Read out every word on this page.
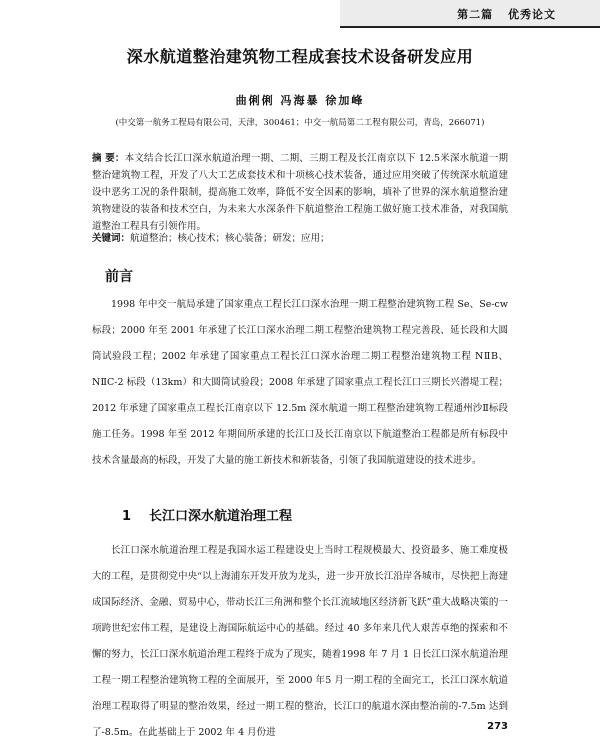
第二篇 优秀论文
深水航道整治建筑物工程成套技术设备研发应用
曲俐俐 冯海暴 徐加峰
(中交第一航务工程局有限公司，天津，300461；中交一航局第二工程有限公司，青岛，266071)
摘 要：本文结合长江口深水航道治理一期、二期、三期工程及长江南京以下 12.5米深水航道一期整治建筑物工程，开发了八大工艺成套技术和十项核心技术装备，通过应用突破了传统深水航道建设中恶劣工况的条件限制，提高施工效率，降低不安全因素的影响，填补了世界的深水航道整治建筑物建设的装备和技术空白，为未来大水深条件下航道整治工程施工做好施工技术准备，对我国航道整治工程具有引领作用。
关键词：航道整治；核心技术；核心装备；研发；应用；
前言
1998 年中交一航局承建了国家重点工程长江口深水治理一期工程整治建筑物工程 Se、Se-cw 标段；2000 年至 2001 年承建了长江口深水治理二期工程整治建筑物工程完善段、延长段和大圆筒试验段工程；2002 年承建了国家重点工程长江口深水治理二期工程整治建筑物工程 NⅡB、NⅡC-2 标段（13km）和大圆筒试验段；2008 年承建了国家重点工程长江口三期长兴潜堤工程；2012 年承建了国家重点工程长江南京以下 12.5m 深水航道一期工程整治建筑物工程通州沙Ⅱ标段施工任务。1998 年至 2012 年期间所承建的长江口及长江南京以下航道整治工程都是所有标段中技术含量最高的标段，开发了大量的施工新技术和新装备，引领了我国航道建设的技术进步。
1 长江口深水航道治理工程
长江口深水航道治理工程是我国水运工程建设史上当时工程规模最大、投资最多、施工难度极大的工程，是贯彻党中央“以上海浦东开发开放为龙头，进一步开放长江沿岸各城市，尽快把上海建成国际经济、金融、贸易中心，带动长江三角洲和整个长江流域地区经济新飞跃”重大战略决策的一项跨世纪宏伟工程，是建设上海国际航运中心的基础。经过 40 多年来几代人艰苦卓绝的探索和不懈的努力，长江口深水航道治理工程终于成为了现实，随着1998 年 7 月 1 日长江口深水航道治理工程一期工程整治建筑物工程的全面展开，至 2000 年5 月一期工程的全面完工，长江口深水航道治理工程取得了明显的整治效果，经过一期工程的整治，长江口的航道水深由整治前的-7.5m 达到了-8.5m。在此基础上于 2002 年 4 月份进
273
